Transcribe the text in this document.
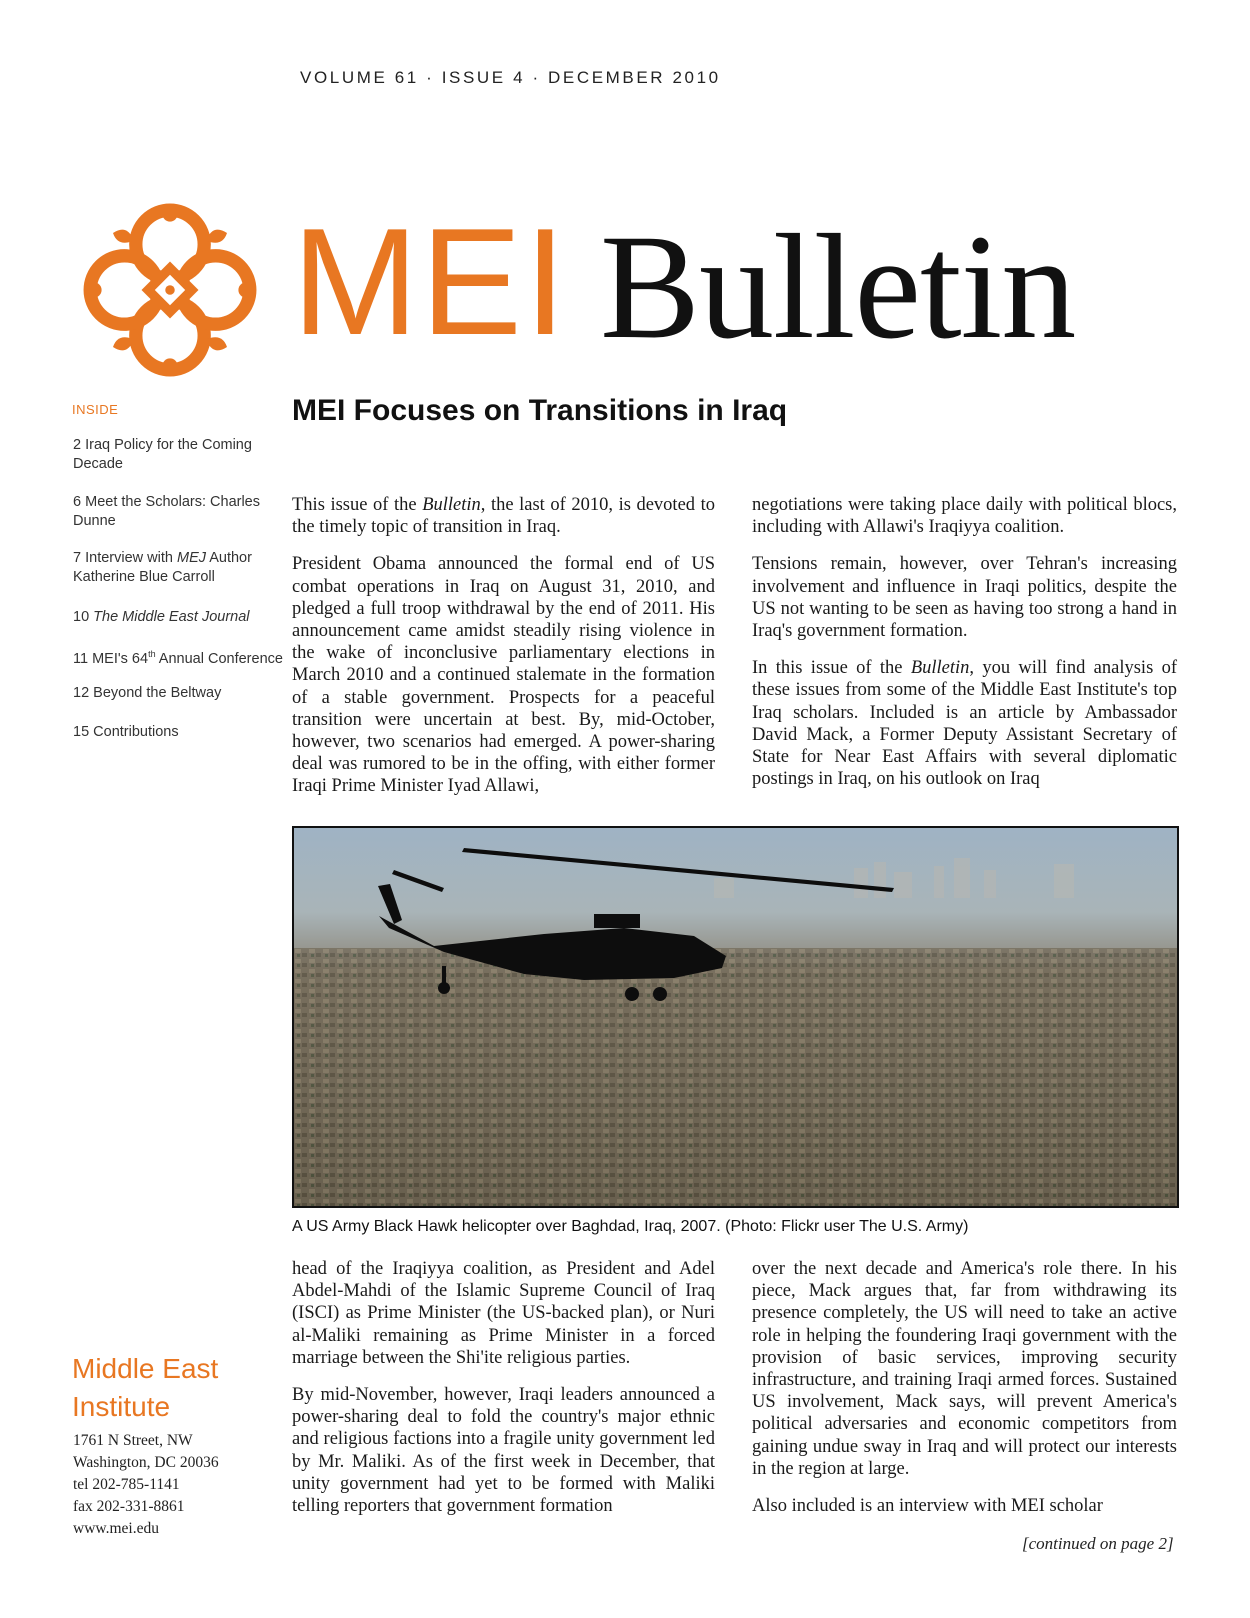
VOLUME 61 · ISSUE 4 · DECEMBER 2010
MEI Bulletin
INSIDE
2 Iraq Policy for the Coming Decade
6 Meet the Scholars: Charles Dunne
7 Interview with MEJ Author Katherine Blue Carroll
10 The Middle East Journal
11 MEI's 64th Annual Conference
12 Beyond the Beltway
15 Contributions
MEI Focuses on Transitions in Iraq

This issue of the Bulletin, the last of 2010, is devoted to the timely topic of transition in Iraq.

President Obama announced the formal end of US combat operations in Iraq on August 31, 2010, and pledged a full troop withdrawal by the end of 2011. His announcement came amidst steadily rising violence in the wake of inconclusive parliamentary elections in March 2010 and a continued stalemate in the formation of a stable government. Prospects for a peaceful transition were uncertain at best. By, mid-October, however, two scenarios had emerged. A power-sharing deal was rumored to be in the offing, with either former Iraqi Prime Minister Iyad Allawi,

negotiations were taking place daily with political blocs, including with Allawi's Iraqiyya coalition.

Tensions remain, however, over Tehran's increasing involvement and influence in Iraqi politics, despite the US not wanting to be seen as having too strong a hand in Iraq's government formation.

In this issue of the Bulletin, you will find analysis of these issues from some of the Middle East Institute's top Iraq scholars. Included is an article by Ambassador David Mack, a Former Deputy Assistant Secretary of State for Near East Affairs with several diplomatic postings in Iraq, on his outlook on Iraq

A US Army Black Hawk helicopter over Baghdad, Iraq, 2007. (Photo: Flickr user The U.S. Army)

head of the Iraqiyya coalition, as President and Adel Abdel-Mahdi of the Islamic Supreme Council of Iraq (ISCI) as Prime Minister (the US-backed plan), or Nuri al-Maliki remaining as Prime Minister in a forced marriage between the Shi'ite religious parties.

By mid-November, however, Iraqi leaders announced a power-sharing deal to fold the country's major ethnic and religious factions into a fragile unity government led by Mr. Maliki. As of the first week in December, that unity government had yet to be formed with Maliki telling reporters that government formation

over the next decade and America's role there. In his piece, Mack argues that, far from withdrawing its presence completely, the US will need to take an active role in helping the foundering Iraqi government with the provision of basic services, improving security infrastructure, and training Iraqi armed forces. Sustained US involvement, Mack says, will prevent America's political adversaries and economic competitors from gaining undue sway in Iraq and will protect our interests in the region at large.

Also included is an interview with MEI scholar

[continued on page 2]
Middle East
Institute
1761 N Street, NW
Washington, DC 20036
tel 202-785-1141
fax 202-331-8861
www.mei.edu
